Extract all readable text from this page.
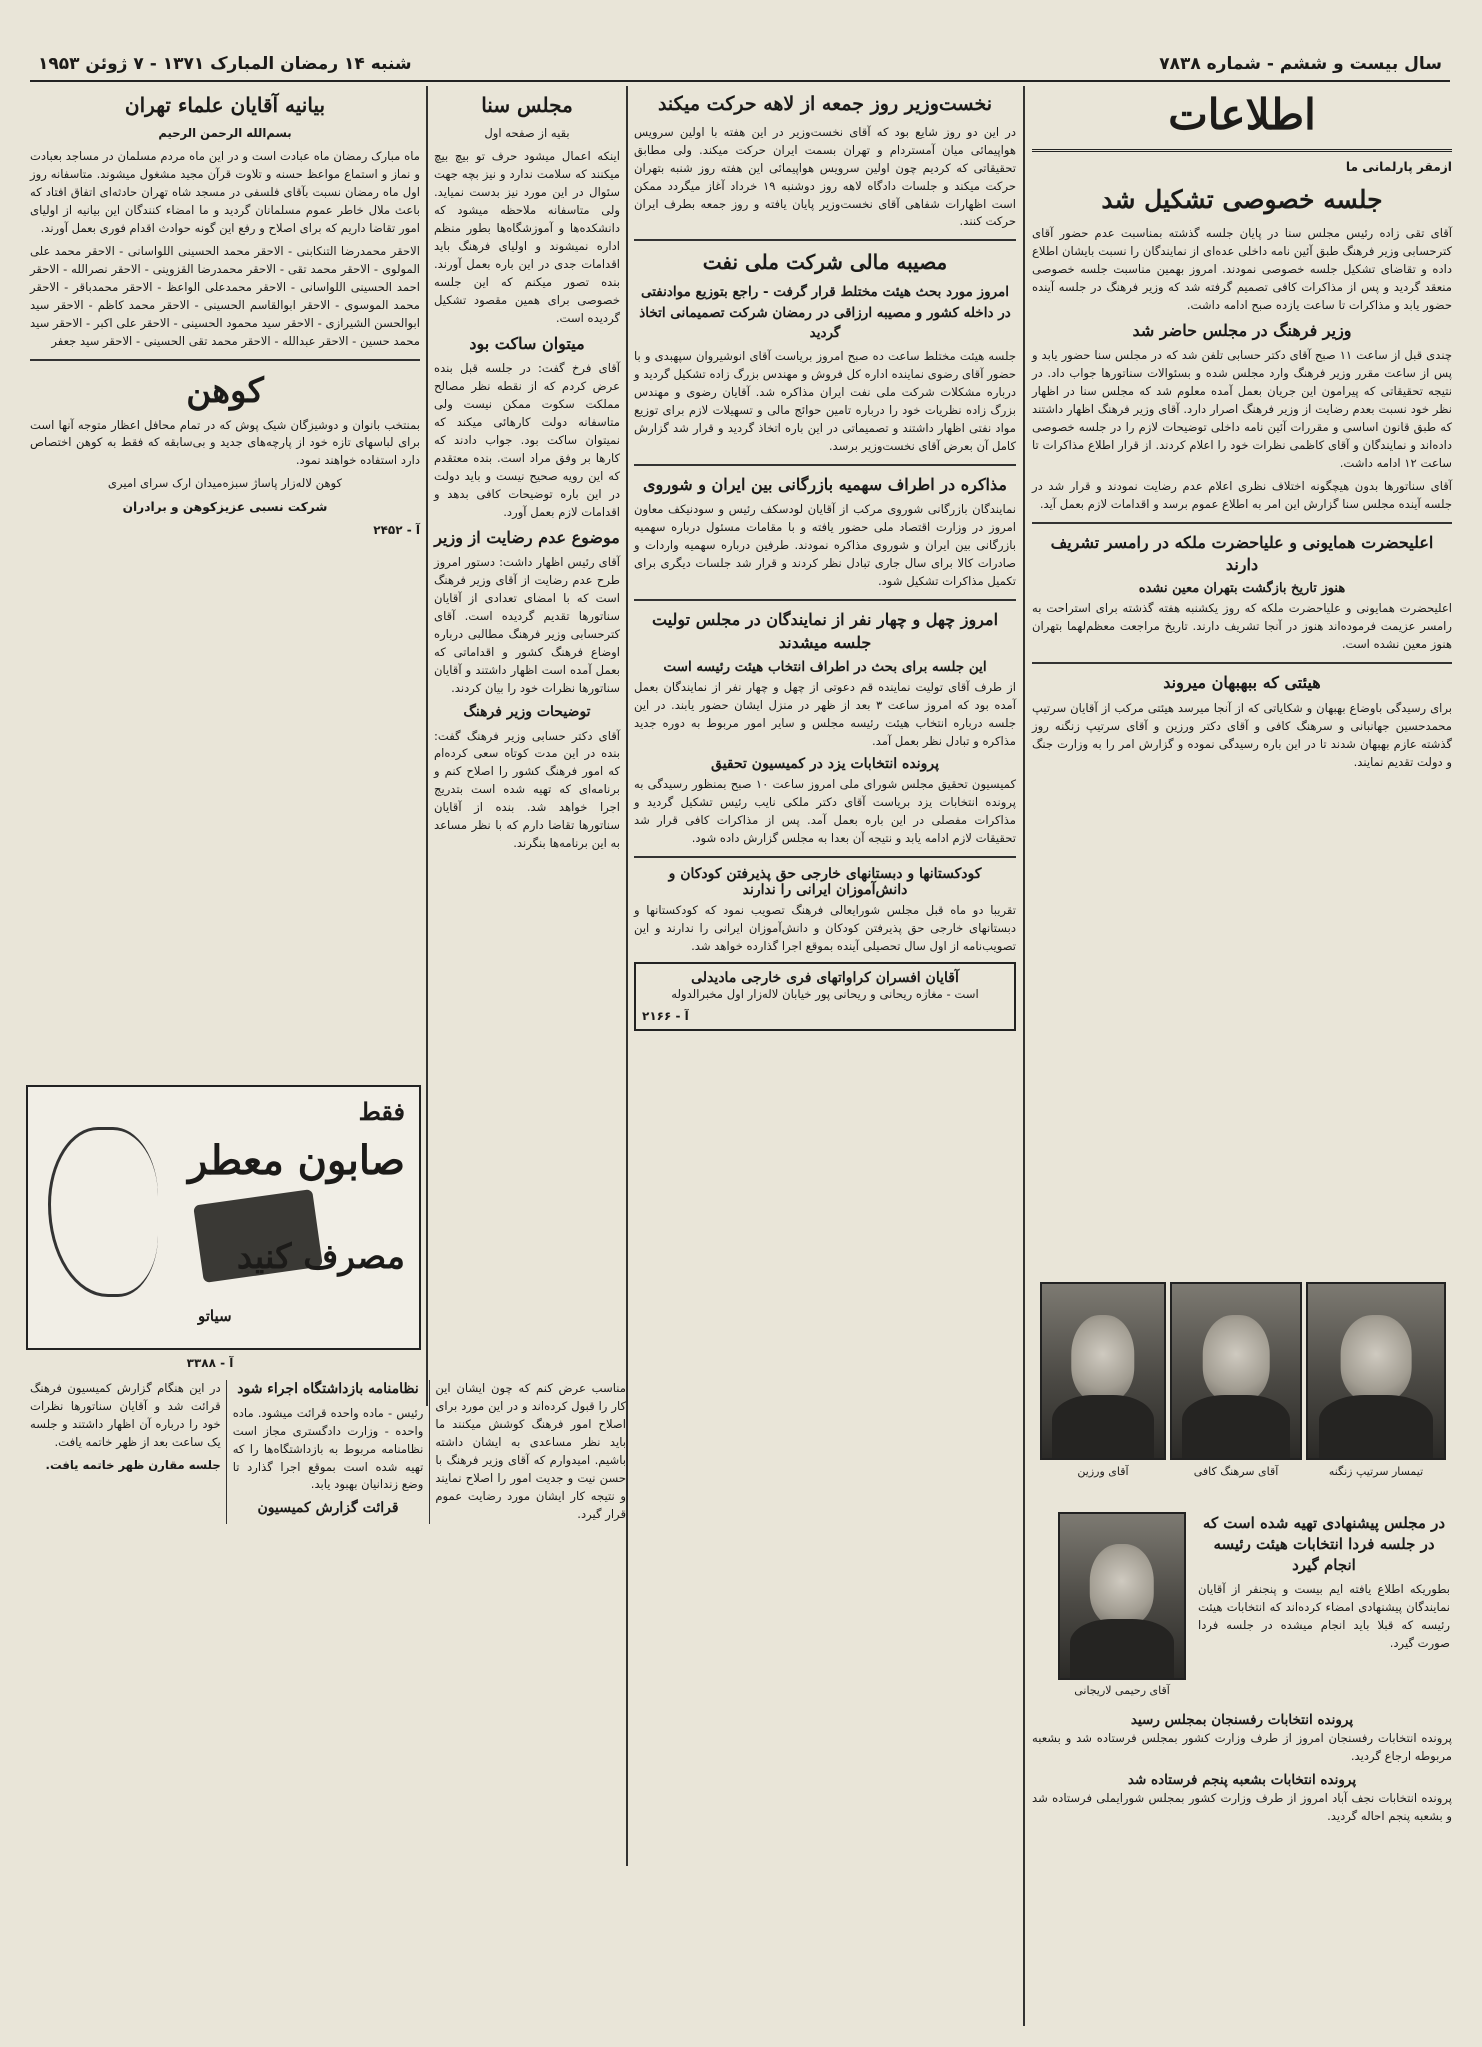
سال بیست و ششم - شماره ۷۸۳۸
شنبه ۱۴ رمضان المبارک ۱۳۷۱ - ۷ ژوئن ۱۹۵۳
اطلاعات

ازمقر پارلمانی ما

جلسه خصوصی تشکیل شد

آقای تقی زاده رئیس مجلس سنا در پایان جلسه گذشته بمناسبت عدم حضور آقای کترحسابی وزیر فرهنگ طبق آئین نامه داخلی عده‌ای از نمایندگان را نسبت بایشان اطلاع داده و تقاضای تشکیل جلسه خصوصی نمودند. امروز بهمین مناسبت جلسه خصوصی منعقد گردید و پس از مذاکرات کافی تصمیم گرفته شد که وزیر فرهنگ در جلسه آینده حضور یابد و مذاکرات تا ساعت یازده صبح ادامه داشت.

وزیر فرهنگ در مجلس حاضر شد

چندی قبل از ساعت ۱۱ صبح آقای دکتر حسابی تلفن شد که در مجلس سنا حضور یابد و پس از ساعت مقرر وزیر فرهنگ وارد مجلس شده و بسئوالات سناتورها جواب داد. در نتیجه تحقیقاتی که پیرامون این جریان بعمل آمده معلوم شد که مجلس سنا در اظهار نظر خود نسبت بعدم رضایت از وزیر فرهنگ اصرار دارد. آقای وزیر فرهنگ اظهار داشتند که طبق قانون اساسی و مقررات آئین نامه داخلی توضیحات لازم را در جلسه خصوصی داده‌اند و نمایندگان و آقای کاظمی نظرات خود را اعلام کردند. از قرار اطلاع مذاکرات تا ساعت ۱۲ ادامه داشت.

آقای سناتورها بدون هیچگونه اختلاف نظری اعلام عدم رضایت نمودند و قرار شد در جلسه آینده مجلس سنا گزارش این امر به اطلاع عموم برسد و اقدامات لازم بعمل آید.

اعلیحضرت همایونی و علیاحضرت ملکه در رامسر تشریف دارند
هنوز تاریخ بازگشت بتهران معین نشده

اعلیحضرت همایونی و علیاحضرت ملکه که روز یکشنبه هفته گذشته برای استراحت به رامسر عزیمت فرموده‌اند هنوز در آنجا تشریف دارند. تاریخ مراجعت معظم‌لهما بتهران هنوز معین نشده است.

هیئتی که ببهبهان میروند

برای رسیدگی باوضاع بهبهان و شکایاتی که از آنجا میرسد هیئتی مرکب از آقایان سرتیپ محمدحسین جهانبانی و سرهنگ کافی و آقای دکتر ورزین و آقای سرتیپ زنگنه روز گذشته عازم بهبهان شدند تا در این باره رسیدگی نموده و گزارش امر را به وزارت جنگ و دولت تقدیم نمایند.

تیمسار سرتیپ زنگنه
آقای سرهنگ کافی
آقای ورزین
آقای رحیمی لاریجانی
در مجلس پیشنهادی تهیه شده است که در جلسه فردا انتخابات هیئت رئیسه انجام گیرد

بطوریکه اطلاع یافته ایم بیست و پنجنفر از آقایان نمایندگان پیشنهادی امضاء کرده‌اند که انتخابات هیئت رئیسه که قبلا باید انجام میشده در جلسه فردا صورت گیرد.

پرونده انتخابات رفسنجان بمجلس رسید

پرونده انتخابات رفسنجان امروز از طرف وزارت کشور بمجلس فرستاده شد و بشعبه مربوطه ارجاع گردید.

پرونده انتخابات بشعبه پنجم فرستاده شد

پرونده انتخابات نجف آباد امروز از طرف وزارت کشور بمجلس شورایملی فرستاده شد و بشعبه پنجم احاله گردید.

نخست‌وزیر روز جمعه از لاهه حرکت میکند

در این دو روز شایع بود که آقای نخست‌وزیر در این هفته با اولین سرویس هواپیمائی میان آمستردام و تهران بسمت ایران حرکت میکند. ولی مطابق تحقیقاتی که کردیم چون اولین سرویس هواپیمائی این هفته روز شنبه بتهران حرکت میکند و جلسات دادگاه لاهه روز دوشنبه ۱۹ خرداد آغاز میگردد ممکن است اظهارات شفاهی آقای نخست‌وزیر پایان یافته و روز جمعه بطرف ایران حرکت کنند.

مصیبه مالی شرکت ملی نفت
امروز مورد بحث هیئت مختلط قرار گرفت - راجع بتوزیع موادنفتی در داخله کشور و مصیبه ارزاقی در رمضان شرکت تصمیمانی اتخاذ گردید

جلسه هیئت مختلط ساعت ده صبح امروز بریاست آقای انوشیروان سپهبدی و با حضور آقای رضوی نماینده اداره کل فروش و مهندس بزرگ زاده تشکیل گردید و درباره مشکلات شرکت ملی نفت ایران مذاکره شد. آقایان رضوی و مهندس بزرگ زاده نظریات خود را درباره تامین حوائج مالی و تسهیلات لازم برای توزیع مواد نفتی اظهار داشتند و تصمیماتی در این باره اتخاذ گردید و قرار شد گزارش کامل آن بعرض آقای نخست‌وزیر برسد.

مذاکره در اطراف سهمیه بازرگانی بین ایران و شوروی

نمایندگان بازرگانی شوروی مرکب از آقایان لودسکف رئیس و سودنیکف معاون امروز در وزارت اقتصاد ملی حضور یافته و با مقامات مسئول درباره سهمیه بازرگانی بین ایران و شوروی مذاکره نمودند. طرفین درباره سهمیه واردات و صادرات کالا برای سال جاری تبادل نظر کردند و قرار شد جلسات دیگری برای تکمیل مذاکرات تشکیل شود.

امروز چهل و چهار نفر از نمایندگان در مجلس تولیت جلسه میشدند
این جلسه برای بحث در اطراف انتخاب هیئت رئیسه است

از طرف آقای تولیت نماینده قم دعوتی از چهل و چهار نفر از نمایندگان بعمل آمده بود که امروز ساعت ۳ بعد از ظهر در منزل ایشان حضور یابند. در این جلسه درباره انتخاب هیئت رئیسه مجلس و سایر امور مربوط به دوره جدید مذاکره و تبادل نظر بعمل آمد.

پرونده انتخابات یزد در کمیسیون تحقیق

کمیسیون تحقیق مجلس شورای ملی امروز ساعت ۱۰ صبح بمنظور رسیدگی به پرونده انتخابات یزد بریاست آقای دکتر ملکی نایب رئیس تشکیل گردید و مذاکرات مفصلی در این باره بعمل آمد. پس از مذاکرات کافی قرار شد تحقیقات لازم ادامه یابد و نتیجه آن بعدا به مجلس گزارش داده شود.

کودکستانها و دبستانهای خارجی حق پذیرفتن کودکان و دانش‌آموزان ایرانی را ندارند

تقریبا دو ماه قبل مجلس شورایعالی فرهنگ تصویب نمود که کودکستانها و دبستانهای خارجی حق پذیرفتن کودکان و دانش‌آموزان ایرانی را ندارند و این تصویب‌نامه از اول سال تحصیلی آینده بموقع اجرا گذارده خواهد شد.

آقایان افسران کراواتهای فری خارجی مادیدلی

است - مغازه ریحانی و ریحانی پور خیابان لاله‌زار اول مخبرالدوله

آ - ۲۱۶۶

مجلس سنا

بقیه از صفحه اول

اینکه اعمال میشود حرف تو بیچ بیچ میکنند که سلامت ندارد و نیز بچه جهت سئوال در این مورد نیز بدست نمیاید. ولی متاسفانه ملاحظه میشود که دانشکده‌ها و آموزشگاه‌ها بطور منظم اداره نمیشوند و اولیای فرهنگ باید اقدامات جدی در این باره بعمل آورند. بنده تصور میکنم که این جلسه خصوصی برای همین مقصود تشکیل گردیده است.

میتوان ساکت بود

آقای فرخ گفت: در جلسه قبل بنده عرض کردم که از نقطه نظر مصالح مملکت سکوت ممکن نیست ولی متاسفانه دولت کارهائی میکند که نمیتوان ساکت بود. جواب دادند که کارها بر وفق مراد است. بنده معتقدم که این رویه صحیح نیست و باید دولت در این باره توضیحات کافی بدهد و اقدامات لازم بعمل آورد.

موضوع عدم رضایت از وزیر

آقای رئیس اظهار داشت: دستور امروز طرح عدم رضایت از آقای وزیر فرهنگ است که با امضای تعدادی از آقایان سناتورها تقدیم گردیده است. آقای کترحسابی وزیر فرهنگ مطالبی درباره اوضاع فرهنگ کشور و اقداماتی که بعمل آمده است اظهار داشتند و آقایان سناتورها نظرات خود را بیان کردند.

توضیحات وزیر فرهنگ

آقای دکتر حسابی وزیر فرهنگ گفت: بنده در این مدت کوتاه سعی کرده‌ام که امور فرهنگ کشور را اصلاح کنم و برنامه‌ای که تهیه شده است بتدریج اجرا خواهد شد. بنده از آقایان سناتورها تقاضا دارم که با نظر مساعد به این برنامه‌ها بنگرند.

بیانیه آقایان علماء تهران

بسم‌الله الرحمن الرحیم

ماه مبارک رمضان ماه عبادت است و در این ماه مردم مسلمان در مساجد بعبادت و نماز و استماع مواعظ حسنه و تلاوت قرآن مجید مشغول میشوند. متاسفانه روز اول ماه رمضان نسبت بآقای فلسفی در مسجد شاه تهران حادثه‌ای اتفاق افتاد که باعث ملال خاطر عموم مسلمانان گردید و ما امضاء کنندگان این بیانیه از اولیای امور تقاضا داریم که برای اصلاح و رفع این گونه حوادث اقدام فوری بعمل آورند.

الاحقر محمدرضا التنکابنی - الاحقر محمد الحسینی اللواسانی - الاحقر محمد علی المولوی - الاحقر محمد تقی - الاحقر محمدرضا القزوینی - الاحقر نصرالله - الاحقر احمد الحسینی اللواسانی - الاحقر محمدعلی الواعظ - الاحقر محمدباقر - الاحقر محمد الموسوی - الاحقر ابوالقاسم الحسینی - الاحقر محمد کاظم - الاحقر سید ابوالحسن الشیرازی - الاحقر سید محمود الحسینی - الاحقر علی اکبر - الاحقر سید محمد حسین - الاحقر عبدالله - الاحقر محمد تقی الحسینی - الاحقر سید جعفر

کوهن

بمنتخب بانوان و دوشیزگان شیک پوش که در تمام محافل اعظار متوجه آنها است برای لباسهای تازه خود از پارچه‌های جدید و بی‌سابقه که فقط به کوهن اختصاص دارد استفاده خواهند نمود.

کوهن لاله‌زار پاساژ سبزه‌میدان ارک سرای امیری

شرکت نسبی عزیزکوهن و برادران

آ - ۲۴۵۲

فقط
صابون معطر
مصرف کنید
سیاتو
آ - ۳۳۸۸

مناسب عرض کنم که چون ایشان این کار را قبول کرده‌اند و در این مورد برای اصلاح امور فرهنگ کوشش میکنند ما باید نظر مساعدی به ایشان داشته باشیم. امیدوارم که آقای وزیر فرهنگ با حسن نیت و جدیت امور را اصلاح نمایند و نتیجه کار ایشان مورد رضایت عموم قرار گیرد.

نظامنامه بازداشتگاه اجراء شود

رئیس - ماده واحده قرائت میشود. ماده واحده - وزارت دادگستری مجاز است نظامنامه مربوط به بازداشتگاه‌ها را که تهیه شده است بموقع اجرا گذارد تا وضع زندانیان بهبود یابد.

قرائت گزارش کمیسیون

در این هنگام گزارش کمیسیون فرهنگ قرائت شد و آقایان سناتورها نظرات خود را درباره آن اظهار داشتند و جلسه یک ساعت بعد از ظهر خاتمه یافت.

جلسه مقارن ظهر خاتمه یافت.
